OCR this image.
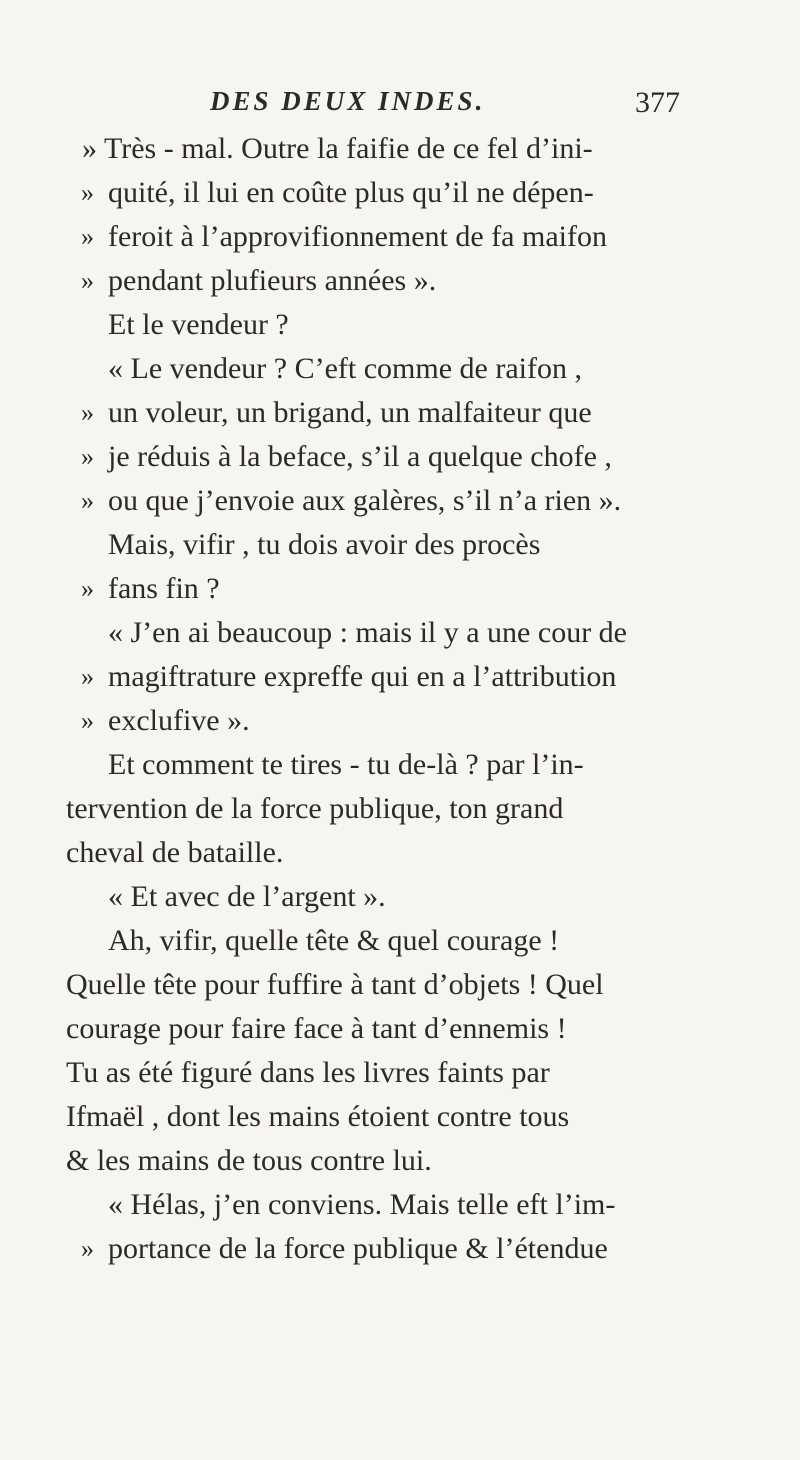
DES DEUX INDES.	377
» Très - mal. Outre la faifie de ce fel d’ini-
» quité, il lui en coûte plus qu’il ne dépen-
» feroit à l’approvifionnement de fa maifon
» pendant plufieurs années ».
Et le vendeur ?
« Le vendeur ? C’eft comme de raifon ,
» un voleur, un brigand, un malfaiteur que
» je réduis à la beface, s’il a quelque chofe ,
» ou que j’envoie aux galères, s’il n’a rien ».
Mais, vifir , tu dois avoir des procès
» fans fin ?
« J’en ai beaucoup : mais il y a une cour de
» magiftrature expreffe qui en a l’attribution
» exclufive ».
Et comment te tires - tu de-là ? par l’in-
tervention de la force publique, ton grand
cheval de bataille.
« Et avec de l’argent ».
Ah, vifir, quelle tête & quel courage !
Quelle tête pour fuffire à tant d’objets ! Quel
courage pour faire face à tant d’ennemis !
Tu as été figuré dans les livres faints par
Ifmaël , dont les mains étoient contre tous
& les mains de tous contre lui.
« Hélas, j’en conviens. Mais telle eft l’im-
» portance de la force publique & l’étendue
